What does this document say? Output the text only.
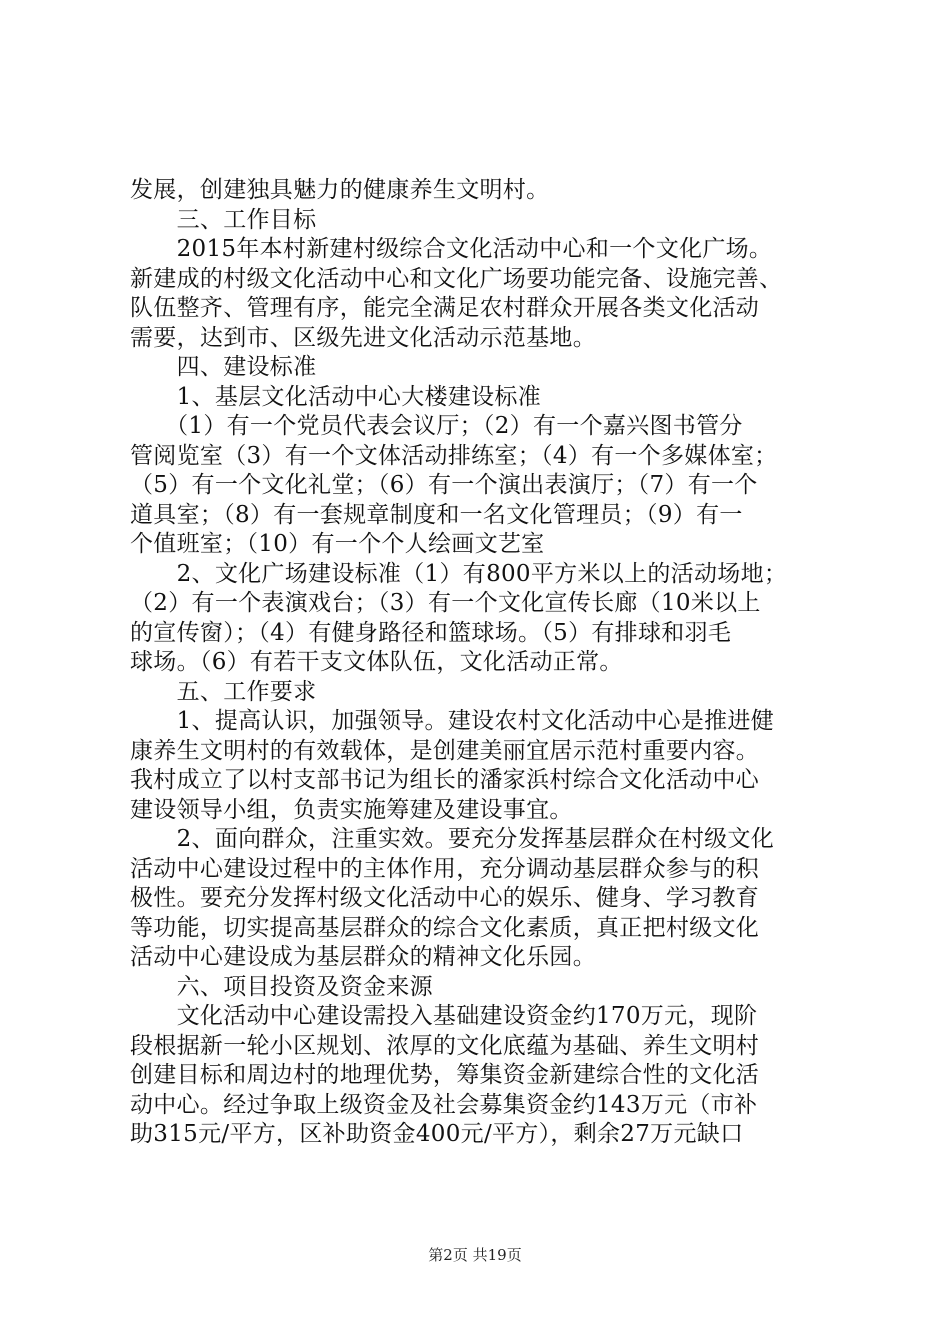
发展，创建独具魅力的健康养生文明村。
　　三、工作目标
　　2015年本村新建村级综合文化活动中心和一个文化广场。
新建成的村级文化活动中心和文化广场要功能完备、设施完善、
队伍整齐、管理有序，能完全满足农村群众开展各类文化活动
需要，达到市、区级先进文化活动示范基地。
　　四、建设标准
　　1、基层文化活动中心大楼建设标准
　　（1）有一个党员代表会议厅；（2）有一个嘉兴图书管分
管阅览室（3）有一个文体活动排练室；（4）有一个多媒体室；
（5）有一个文化礼堂；（6）有一个演出表演厅；（7）有一个
道具室；（8）有一套规章制度和一名文化管理员；（9）有一
个值班室；（10）有一个个人绘画文艺室
　　2、文化广场建设标准（1）有800平方米以上的活动场地；
（2）有一个表演戏台；（3）有一个文化宣传长廊（10米以上
的宣传窗）；（4）有健身路径和篮球场。（5）有排球和羽毛
球场。（6）有若干支文体队伍，文化活动正常。
　　五、工作要求
　　1、提高认识，加强领导。建设农村文化活动中心是推进健
康养生文明村的有效载体，是创建美丽宜居示范村重要内容。
我村成立了以村支部书记为组长的潘家浜村综合文化活动中心
建设领导小组，负责实施筹建及建设事宜。
　　2、面向群众，注重实效。要充分发挥基层群众在村级文化
活动中心建设过程中的主体作用，充分调动基层群众参与的积
极性。要充分发挥村级文化活动中心的娱乐、健身、学习教育
等功能，切实提高基层群众的综合文化素质，真正把村级文化
活动中心建设成为基层群众的精神文化乐园。
　　六、项目投资及资金来源
　　文化活动中心建设需投入基础建设资金约170万元，现阶
段根据新一轮小区规划、浓厚的文化底蕴为基础、养生文明村
创建目标和周边村的地理优势，筹集资金新建综合性的文化活
动中心。经过争取上级资金及社会募集资金约143万元（市补
助315元/平方，区补助资金400元/平方），剩余27万元缺口
第2页 共19页
